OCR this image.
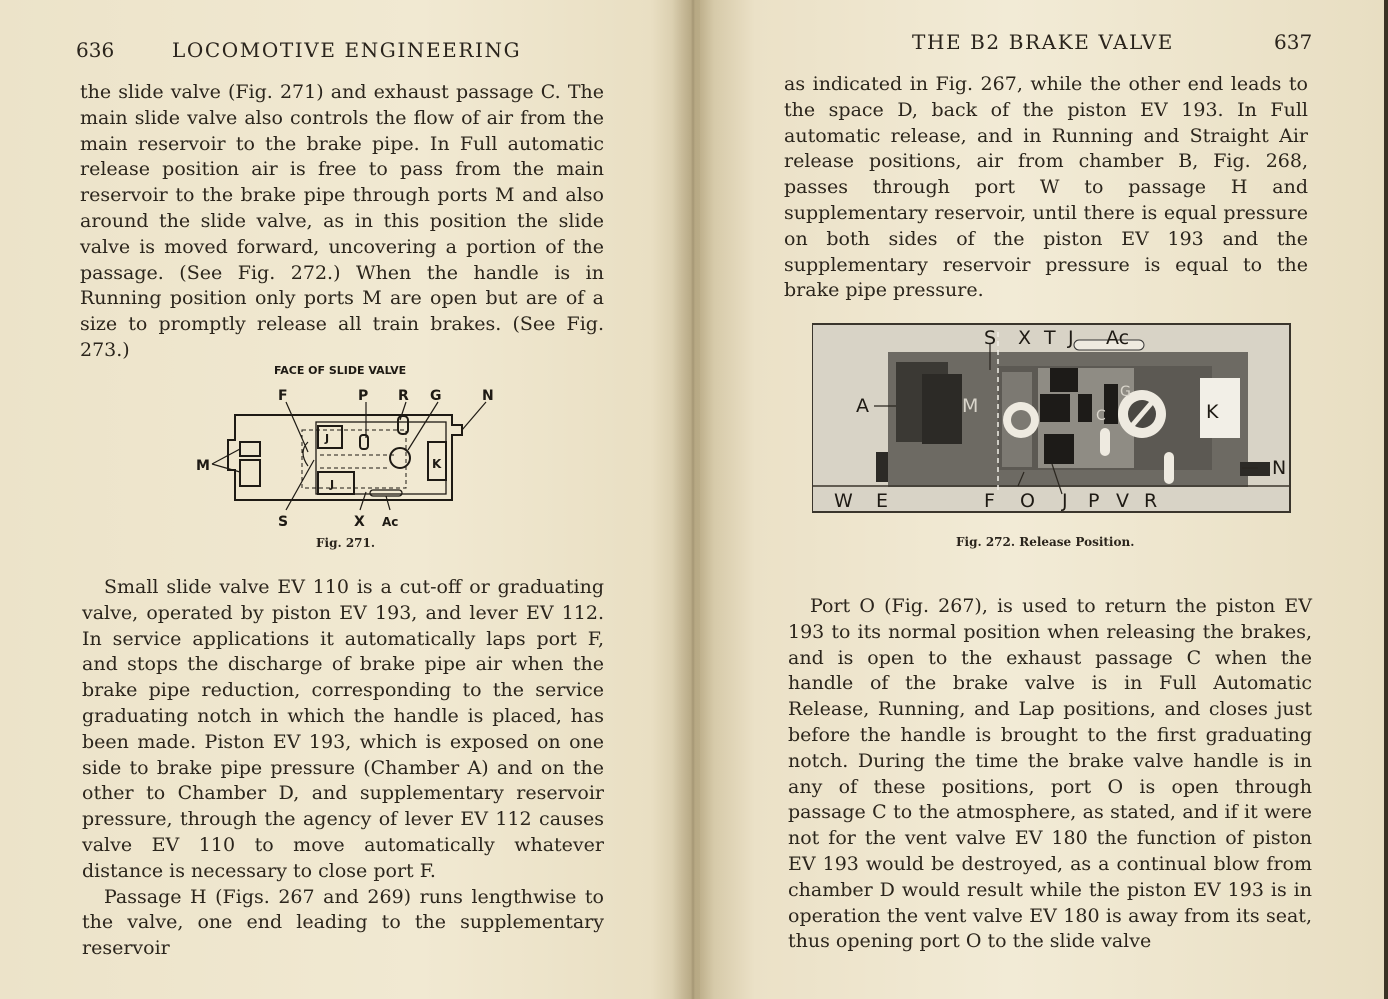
636	LOCOMOTIVE ENGINEERING

the slide valve (Fig. 271) and exhaust passage C. The main slide valve also controls the flow of air from the main reservoir to the brake pipe. In Full automatic release position air is free to pass from the main reservoir to the brake pipe through ports M and also around the slide valve, as in this position the slide valve is moved forward, uncovering a portion of the passage. (See Fig. 272.) When the handle is in Running position only ports M are open but are of a size to promptly release all train brakes. (See Fig. 273.)

FACE OF SLIDE VALVE
F	P R G	N
M
J
J
K
S	X Ac
Fig. 271.

Small slide valve EV 110 is a cut-off or graduating valve, operated by piston EV 193, and lever EV 112. In service applications it automatically laps port F, and stops the discharge of brake pipe air when the brake pipe reduction, corresponding to the service graduating notch in which the handle is placed, has been made. Piston EV 193, which is exposed on one side to brake pipe pressure (Chamber A) and on the other to Chamber D, and supplementary reservoir pressure, through the agency of lever EV 112 causes valve EV 110 to move automatically whatever distance is necessary to close port F.

Passage H (Figs. 267 and 269) runs lengthwise to the valve, one end leading to the supplementary reservoir

THE B2 BRAKE VALVE	637

as indicated in Fig. 267, while the other end leads to the space D, back of the piston EV 193. In Full automatic release, and in Running and Straight Air release positions, air from chamber B, Fig. 268, passes through port W to passage H and supplementary reservoir, until there is equal pressure on both sides of the piston EV 193 and the supplementary reservoir pressure is equal to the brake pipe pressure.

S X T J Ac
A	M	K
G
C
N
W E	F O J P V R
Fig. 272. Release Position.

Port O (Fig. 267), is used to return the piston EV 193 to its normal position when releasing the brakes, and is open to the exhaust passage C when the handle of the brake valve is in Full Automatic Release, Running, and Lap positions, and closes just before the handle is brought to the first graduating notch. During the time the brake valve handle is in any of these positions, port O is open through passage C to the atmosphere, as stated, and if it were not for the vent valve EV 180 the function of piston EV 193 would be destroyed, as a continual blow from chamber D would result while the piston EV 193 is in operation the vent valve EV 180 is away from its seat, thus opening port O to the slide valve
